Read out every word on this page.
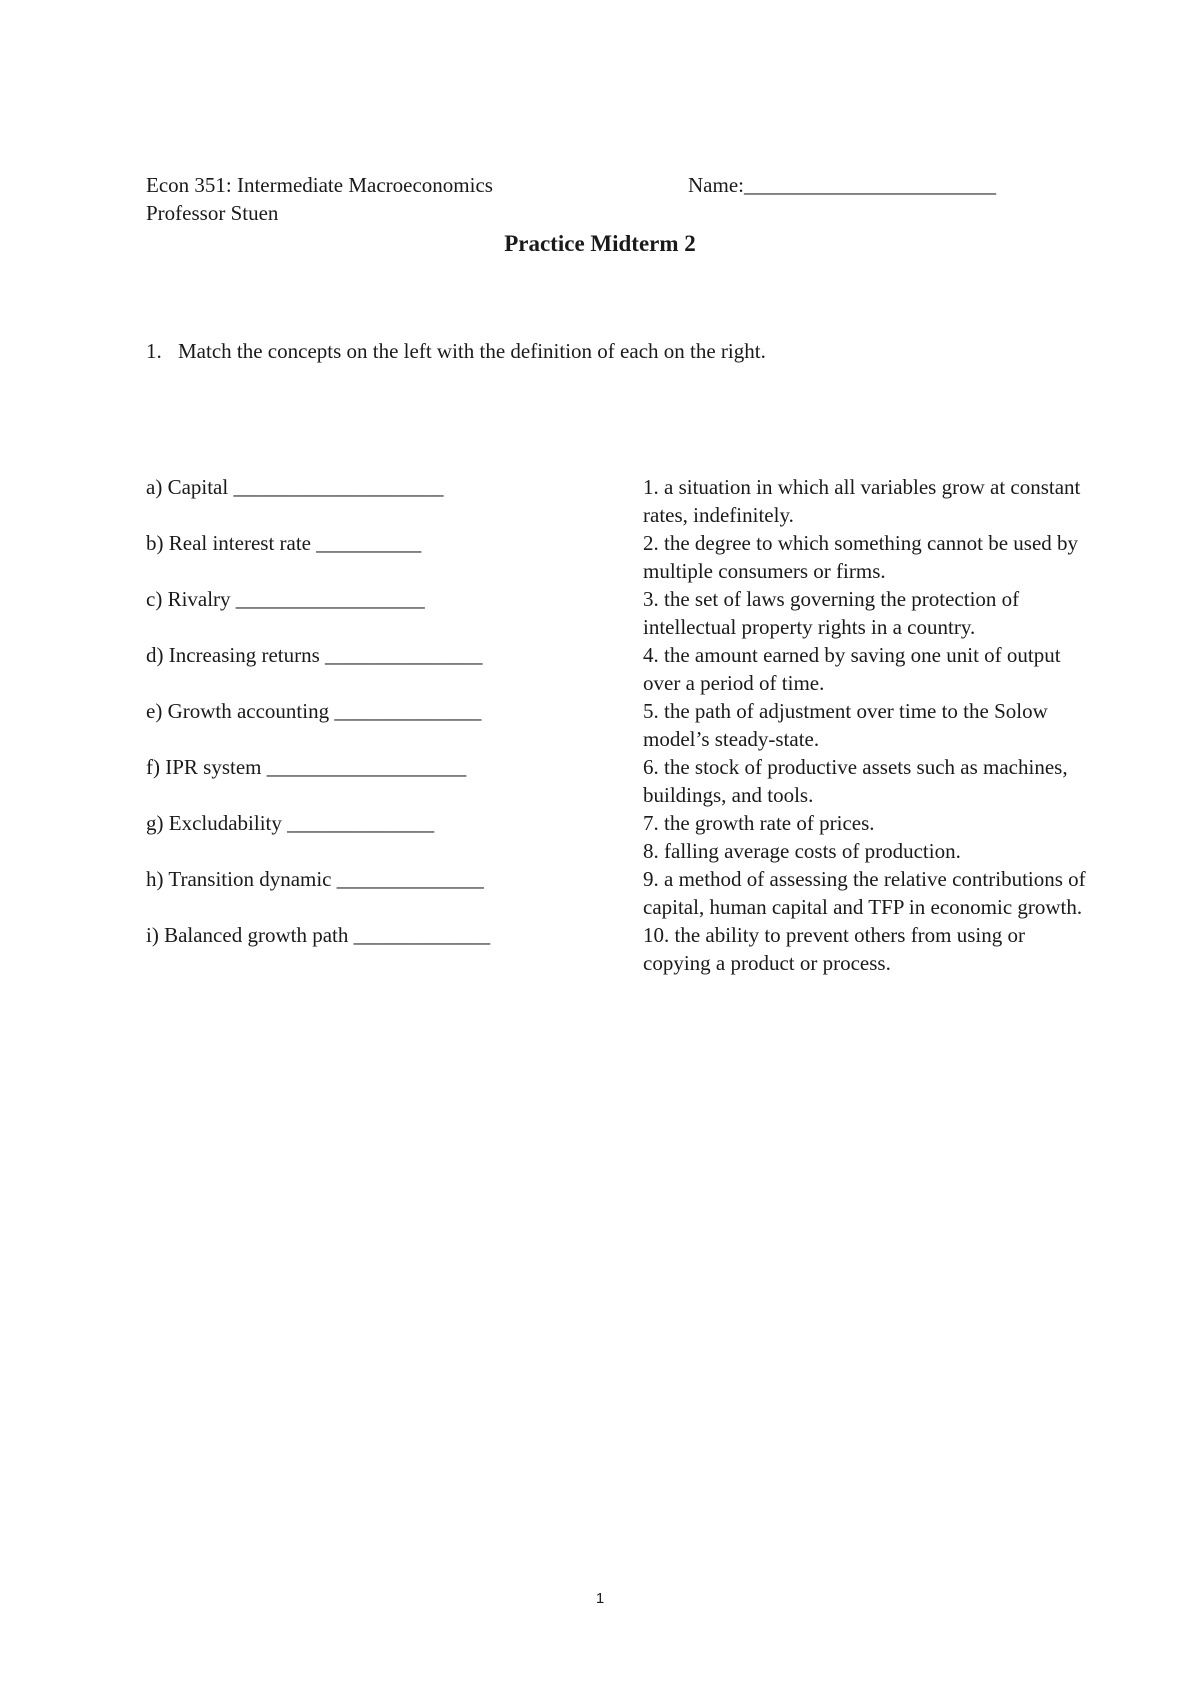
Econ 351: Intermediate Macroeconomics
Professor Stuen
Name:________________________
Practice Midterm 2
1. Match the concepts on the left with the definition of each on the right.
a) Capital ____________________
b) Real interest rate __________
c) Rivalry __________________
d) Increasing returns _______________
e) Growth accounting ______________
f) IPR system ___________________
g) Excludability ______________
h) Transition dynamic ______________
i) Balanced growth path _____________
1. a situation in which all variables grow at constant rates, indefinitely.
2. the degree to which something cannot be used by multiple consumers or firms.
3. the set of laws governing the protection of intellectual property rights in a country.
4. the amount earned by saving one unit of output over a period of time.
5. the path of adjustment over time to the Solow model’s steady-state.
6. the stock of productive assets such as machines, buildings, and tools.
7. the growth rate of prices.
8. falling average costs of production.
9. a method of assessing the relative contributions of capital, human capital and TFP in economic growth.
10. the ability to prevent others from using or copying a product or process.
1
